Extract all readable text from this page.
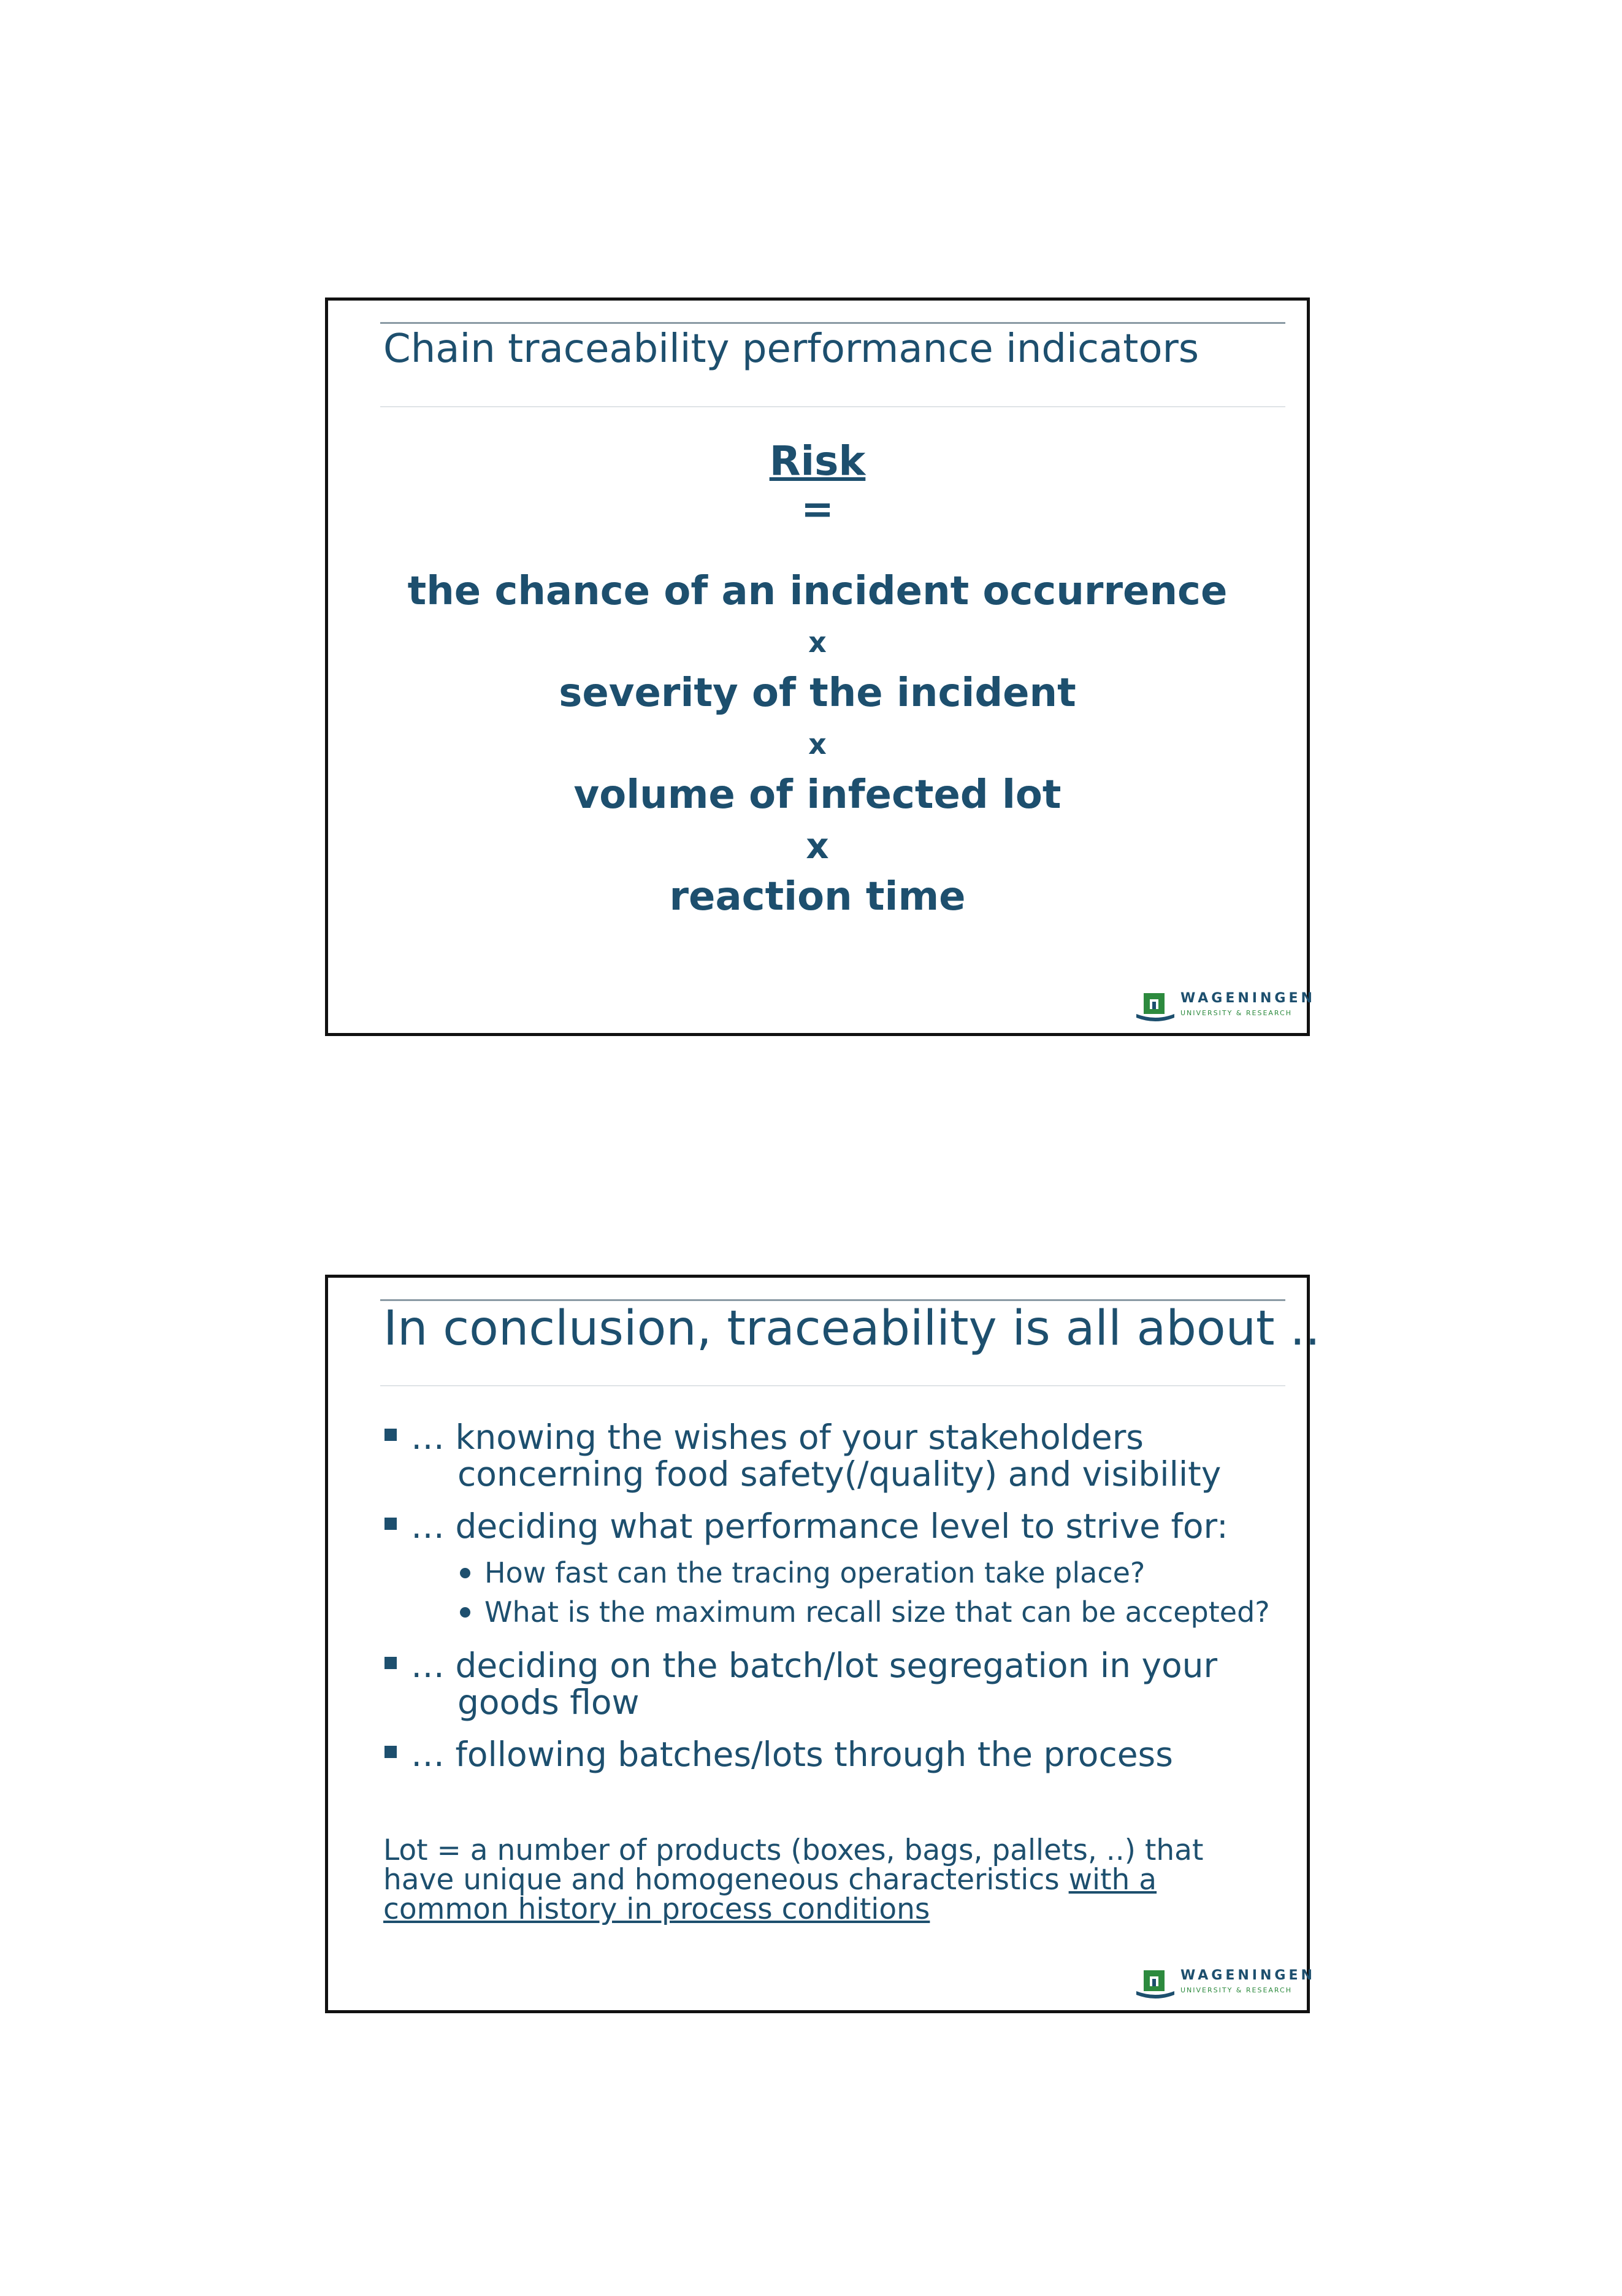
Chain traceability performance indicators
Risk
=
the chance of an incident occurrence
x
severity of the incident
x
volume of infected lot
x
reaction time
WAGENINGEN
UNIVERSITY & RESEARCH
In conclusion, traceability is all about ..
… knowing the wishes of your stakeholders
concerning food safety(/quality) and visibility
… deciding what performance level to strive for:
How fast can the tracing operation take place?
What is the maximum recall size that can be accepted?
… deciding on the batch/lot segregation in your
goods flow
… following batches/lots through the process

Lot = a number of products (boxes, bags, pallets, ..) that have unique and homogeneous characteristics with a common history in process conditions

WAGENINGEN
UNIVERSITY & RESEARCH
